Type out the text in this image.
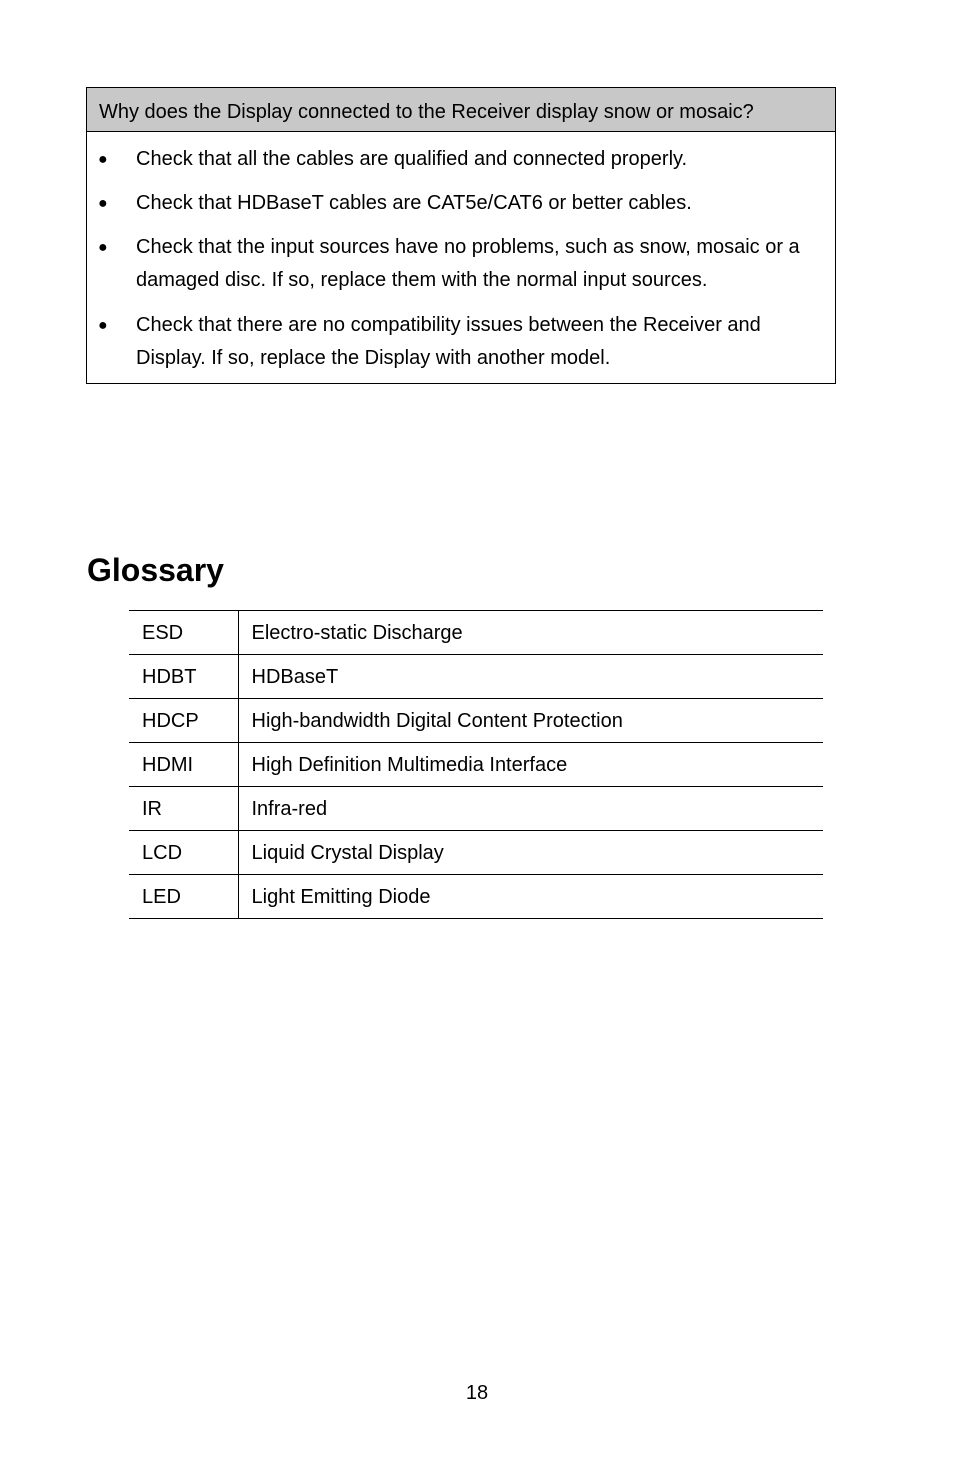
Why does the Display connected to the Receiver display snow or mosaic?
● Check that all the cables are qualified and connected properly.
● Check that HDBaseT cables are CAT5e/CAT6 or better cables.
● Check that the input sources have no problems, such as snow, mosaic or a damaged disc. If so, replace them with the normal input sources.
● Check that there are no compatibility issues between the Receiver and Display. If so, replace the Display with another model.
Glossary
ESD	Electro-static Discharge
HDBT	HDBaseT
HDCP	High-bandwidth Digital Content Protection
HDMI	High Definition Multimedia Interface
IR	Infra-red
LCD	Liquid Crystal Display
LED	Light Emitting Diode
18
